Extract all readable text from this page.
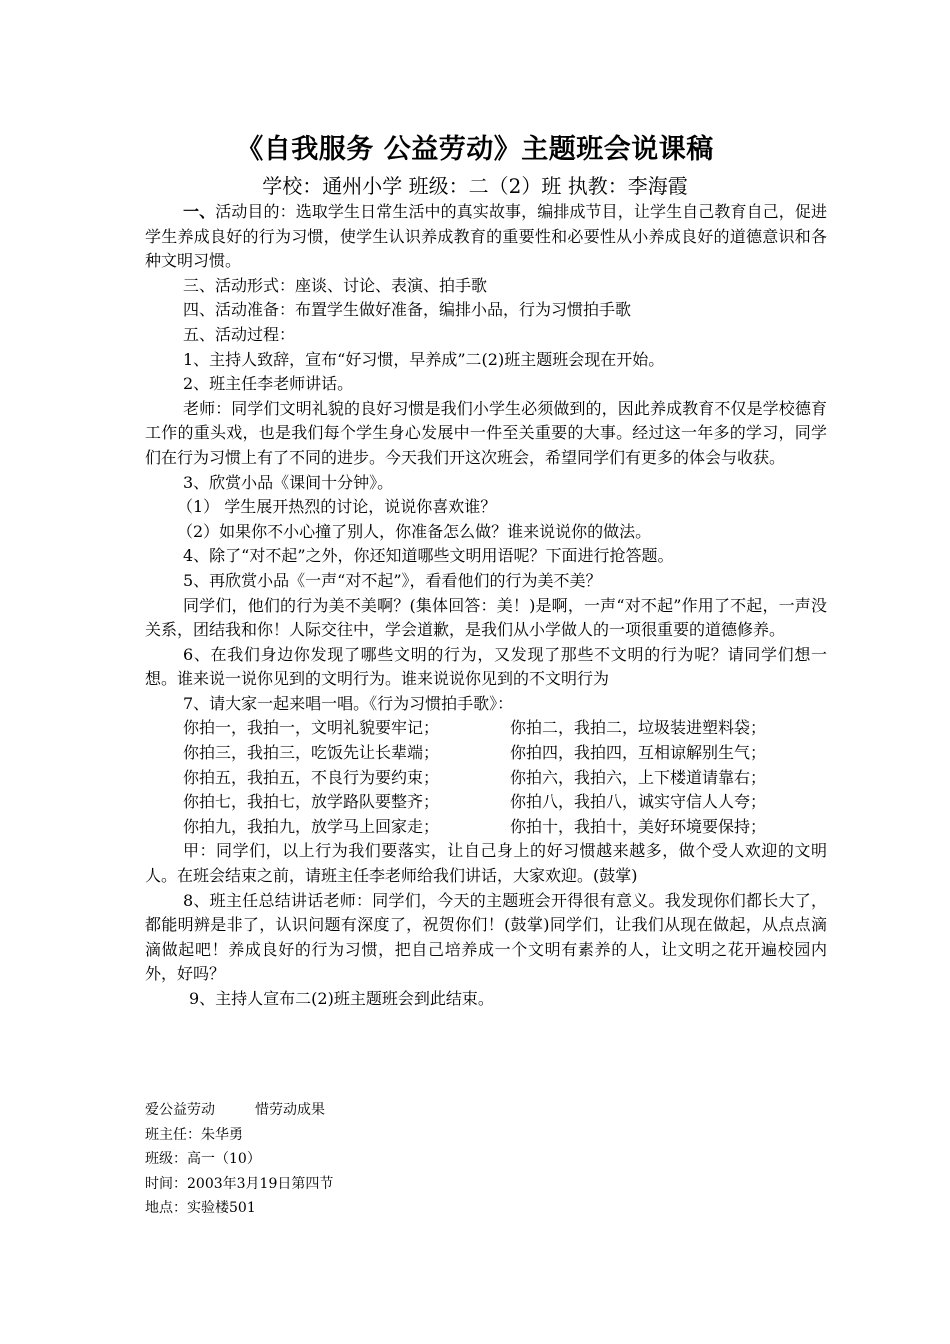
《自我服务 公益劳动》主题班会说课稿
学校：通州小学 班级：二（2）班 执教：李海霞

一、活动目的：选取学生日常生活中的真实故事，编排成节目，让学生自己教育自己，促进学生养成良好的行为习惯，使学生认识养成教育的重要性和必要性从小养成良好的道德意识和各种文明习惯。

三、活动形式：座谈、讨论、表演、拍手歌

四、活动准备：布置学生做好准备，编排小品，行为习惯拍手歌

五、活动过程：

1、主持人致辞，宣布“好习惯，早养成”二(2)班主题班会现在开始。

2、班主任李老师讲话。

老师：同学们文明礼貌的良好习惯是我们小学生必须做到的，因此养成教育不仅是学校德育工作的重头戏，也是我们每个学生身心发展中一件至关重要的大事。经过这一年多的学习，同学们在行为习惯上有了不同的进步。今天我们开这次班会，希望同学们有更多的体会与收获。

3、欣赏小品《课间十分钟》。

（1） 学生展开热烈的讨论，说说你喜欢谁？

（2）如果你不小心撞了别人，你准备怎么做？谁来说说你的做法。

4、除了“对不起”之外，你还知道哪些文明用语呢？下面进行抢答题。

5、再欣赏小品《一声“对不起”》，看看他们的行为美不美？

同学们，他们的行为美不美啊？(集体回答：美！)是啊，一声“对不起”作用了不起，一声没关系，团结我和你！人际交往中，学会道歉，是我们从小学做人的一项很重要的道德修养。

6、在我们身边你发现了哪些文明的行为，又发现了那些不文明的行为呢？请同学们想一想。谁来说一说你见到的文明行为。谁来说说你见到的不文明行为

7、请大家一起来唱一唱。《行为习惯拍手歌》：

你拍一，我拍一，文明礼貌要牢记；	你拍二，我拍二，垃圾装进塑料袋；
你拍三，我拍三，吃饭先让长辈端；	你拍四，我拍四，互相谅解别生气；
你拍五，我拍五，不良行为要约束；	你拍六，我拍六，上下楼道请靠右；
你拍七，我拍七，放学路队要整齐；	你拍八，我拍八，诚实守信人人夸；
你拍九，我拍九，放学马上回家走；	你拍十，我拍十，美好环境要保持；

甲：同学们，以上行为我们要落实，让自己身上的好习惯越来越多，做个受人欢迎的文明人。在班会结束之前，请班主任李老师给我们讲话，大家欢迎。(鼓掌)

8、班主任总结讲话老师：同学们，今天的主题班会开得很有意义。我发现你们都长大了，都能明辨是非了，认识问题有深度了，祝贺你们！(鼓掌)同学们，让我们从现在做起，从点点滴滴做起吧！养成良好的行为习惯，把自己培养成一个文明有素养的人，让文明之花开遍校园内外，好吗？

9、主持人宣布二(2)班主题班会到此结束。

爱公益劳动	惜劳动成果
班主任：朱华勇
班级：高一（10）
时间：2003年3月19日第四节
地点：实验楼501
